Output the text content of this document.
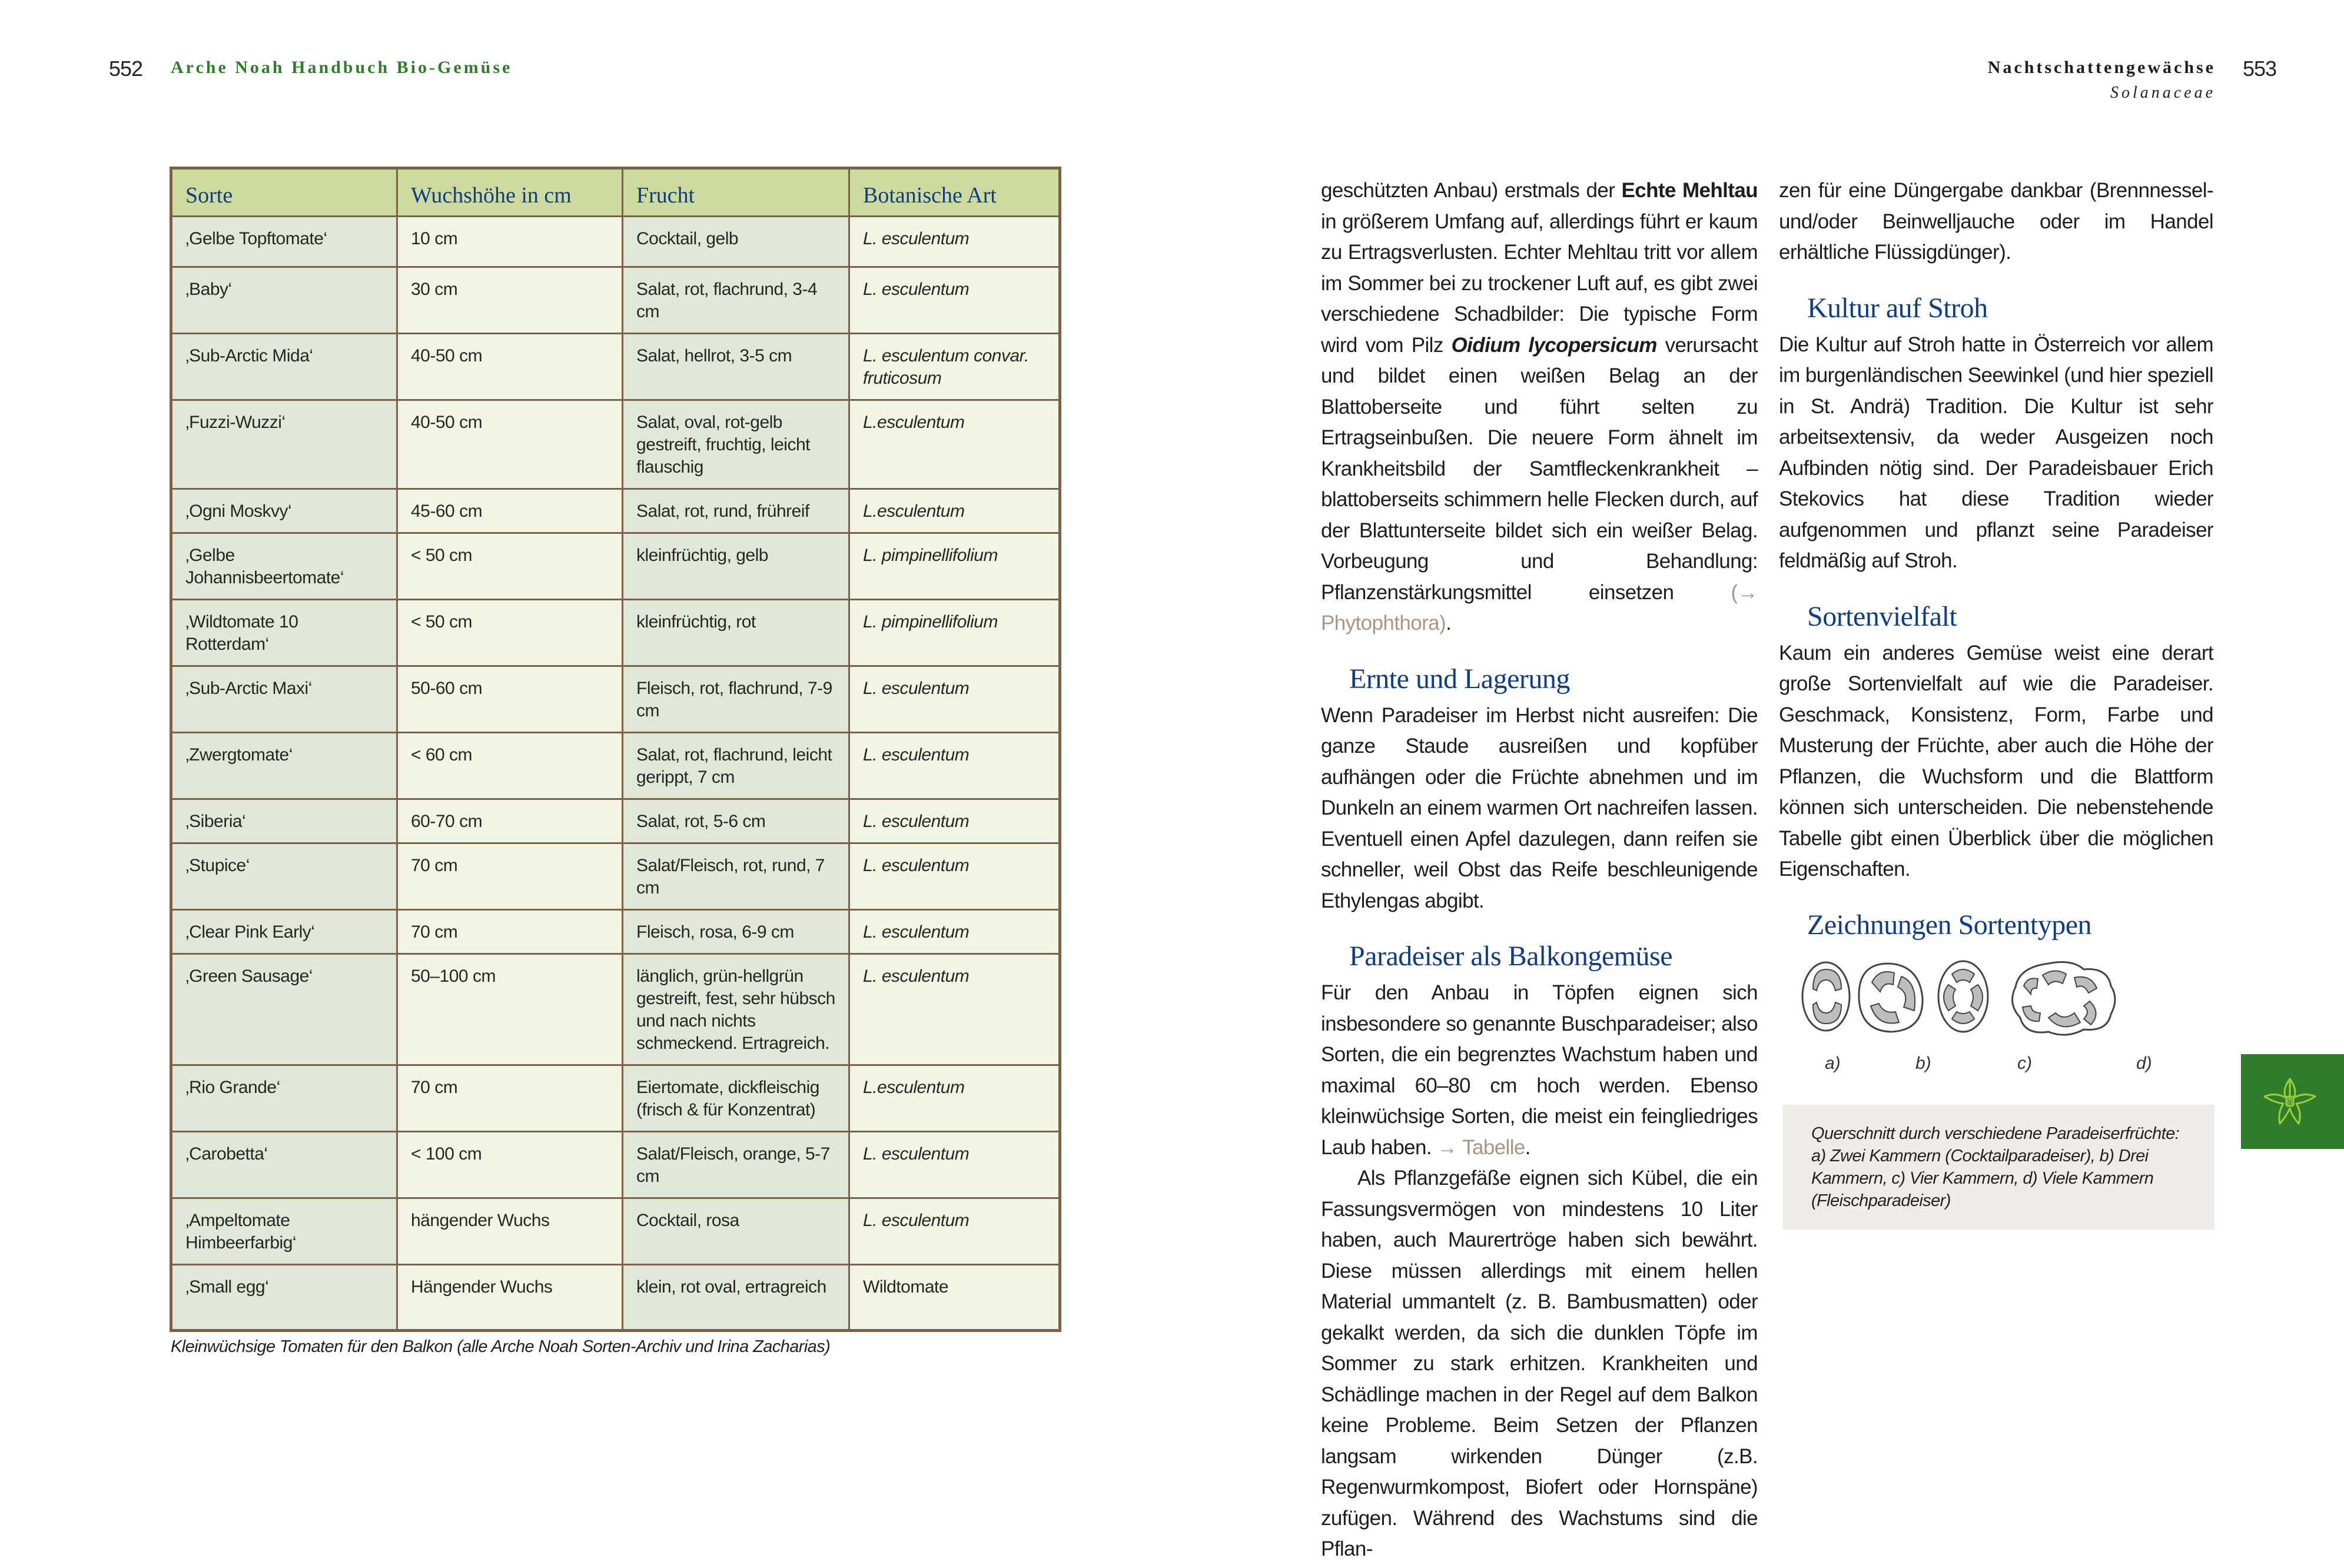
552 Arche Noah Handbuch Bio-Gemüse	Nachtschattengewächse
Solanaceae
553
Sorte	Wuchshöhe in cm	Frucht	Botanische Art
‚Gelbe Topftomate‘	10 cm	Cocktail, gelb	L. esculentum
‚Baby‘	30 cm	Salat, rot, flachrund, 3-4 cm	L. esculentum
‚Sub-Arctic Mida‘	40-50 cm	Salat, hellrot, 3-5 cm	L. esculentum convar. fruticosum
‚Fuzzi-Wuzzi‘	40-50 cm	Salat, oval, rot-gelb gestreift, fruchtig, leicht flauschig	L.esculentum
‚Ogni Moskvy‘	45-60 cm	Salat, rot, rund, frühreif	L.esculentum
‚Gelbe Johannisbeertomate‘	< 50 cm	kleinfrüchtig, gelb	L. pimpinellifolium
‚Wildtomate 10 Rotterdam‘	< 50 cm	kleinfrüchtig, rot	L. pimpinellifolium
‚Sub-Arctic Maxi‘	50-60 cm	Fleisch, rot, flachrund, 7-9 cm	L. esculentum
‚Zwergtomate‘	< 60 cm	Salat, rot, flachrund, leicht gerippt, 7 cm	L. esculentum
‚Siberia‘	60-70 cm	Salat, rot, 5-6 cm	L. esculentum
‚Stupice‘	70 cm	Salat/Fleisch, rot, rund, 7 cm	L. esculentum
‚Clear Pink Early‘	70 cm	Fleisch, rosa, 6-9 cm	L. esculentum
‚Green Sausage‘	50–100 cm	länglich, grün-hellgrün gestreift, fest, sehr hübsch und nach nichts schmeckend. Ertragreich.	L. esculentum
‚Rio Grande‘	70 cm	Eiertomate, dickfleischig (frisch & für Konzentrat)	L.esculentum
‚Carobetta‘	< 100 cm	Salat/Fleisch, orange, 5-7 cm	L. esculentum
‚Ampeltomate Himbeerfarbig‘	hängender Wuchs	Cocktail, rosa	L. esculentum
‚Small egg‘	Hängender Wuchs	klein, rot oval, ertragreich	Wildtomate
Kleinwüchsige Tomaten für den Balkon (alle Arche Noah Sorten-Archiv und Irina Zacharias)

geschützten Anbau) erstmals der Echte Mehltau in größerem Umfang auf, allerdings führt er kaum zu Ertragsverlusten. Echter Mehltau tritt vor allem im Sommer bei zu trockener Luft auf, es gibt zwei verschiedene Schadbilder: Die typische Form wird vom Pilz Oidium lycopersicum verursacht und bildet einen weißen Belag an der Blattoberseite und führt selten zu Ertragseinbußen. Die neuere Form ähnelt im Krankheitsbild der Samtfleckenkrankheit – blattoberseits schimmern helle Flecken durch, auf der Blattunterseite bildet sich ein weißer Belag. Vorbeugung und Behandlung: Pflanzenstärkungsmittel einsetzen (→ Phytophthora).

Ernte und Lagerung

Wenn Paradeiser im Herbst nicht ausreifen: Die ganze Staude ausreißen und kopfüber aufhängen oder die Früchte abnehmen und im Dunkeln an einem warmen Ort nachreifen lassen. Eventuell einen Apfel dazulegen, dann reifen sie schneller, weil Obst das Reife beschleunigende Ethylengas abgibt.

Paradeiser als Balkongemüse

Für den Anbau in Töpfen eignen sich insbesondere so genannte Buschparadeiser; also Sorten, die ein begrenztes Wachstum haben und maximal 60–80 cm hoch werden. Ebenso kleinwüchsige Sorten, die meist ein feingliedriges Laub haben. → Tabelle.

Als Pflanzgefäße eignen sich Kübel, die ein Fassungsvermögen von mindestens 10 Liter haben, auch Maurertröge haben sich bewährt. Diese müssen allerdings mit einem hellen Material ummantelt (z. B. Bambusmatten) oder gekalkt werden, da sich die dunklen Töpfe im Sommer zu stark erhitzen. Krankheiten und Schädlinge machen in der Regel auf dem Balkon keine Probleme. Beim Setzen der Pflanzen langsam wirkenden Dünger (z.B. Regenwurmkompost, Biofert oder Hornspäne) zufügen. Während des Wachstums sind die Pflan-

zen für eine Düngergabe dankbar (Brennnessel- und/oder Beinwelljauche oder im Handel erhältliche Flüssigdünger).

Kultur auf Stroh

Die Kultur auf Stroh hatte in Österreich vor allem im burgenländischen Seewinkel (und hier speziell in St. Andrä) Tradition. Die Kultur ist sehr arbeitsextensiv, da weder Ausgeizen noch Aufbinden nötig sind. Der Paradeisbauer Erich Stekovics hat diese Tradition wieder aufgenommen und pflanzt seine Paradeiser feldmäßig auf Stroh.

Sortenvielfalt

Kaum ein anderes Gemüse weist eine derart große Sortenvielfalt auf wie die Paradeiser. Geschmack, Konsistenz, Form, Farbe und Musterung der Früchte, aber auch die Höhe der Pflanzen, die Wuchsform und die Blattform können sich unterscheiden. Die nebenstehende Tabelle gibt einen Überblick über die möglichen Eigenschaften.

Zeichnungen Sortentypen
a)	b)	c)	d)
Querschnitt durch verschiedene Paradeiserfrüchte: a) Zwei Kammern (Cocktailparadeiser), b) Drei Kammern, c) Vier Kammern, d) Viele Kammern (Fleischparadeiser)
